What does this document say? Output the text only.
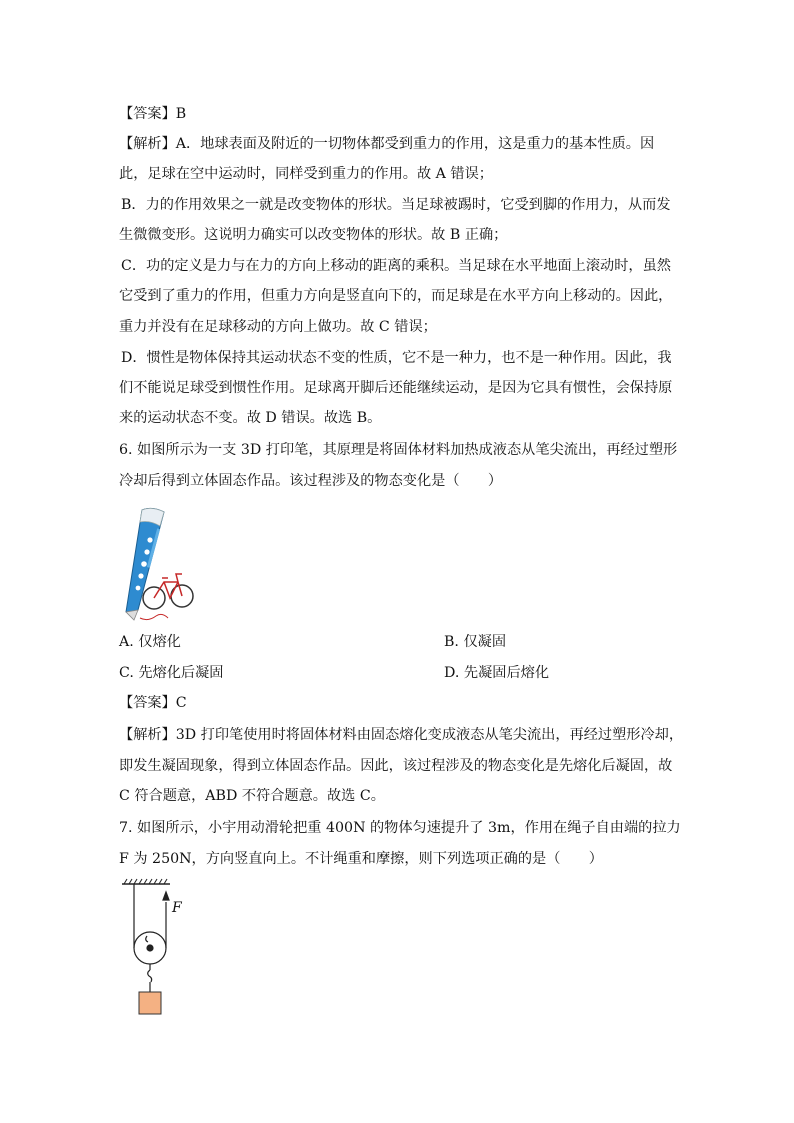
【答案】B
【解析】A．地球表面及附近的一切物体都受到重力的作用，这是重力的基本性质。因
此，足球在空中运动时，同样受到重力的作用。故 A 错误；
B．力的作用效果之一就是改变物体的形状。当足球被踢时，它受到脚的作用力，从而发
生微微变形。这说明力确实可以改变物体的形状。故 B 正确；
C．功的定义是力与在力的方向上移动的距离的乘积。当足球在水平地面上滚动时，虽然
它受到了重力的作用，但重力方向是竖直向下的，而足球是在水平方向上移动的。因此，
重力并没有在足球移动的方向上做功。故 C 错误；
D．惯性是物体保持其运动状态不变的性质，它不是一种力，也不是一种作用。因此，我
们不能说足球受到惯性作用。足球离开脚后还能继续运动，是因为它具有惯性，会保持原
来的运动状态不变。故 D 错误。故选 B。
6. 如图所示为一支 3D 打印笔，其原理是将固体材料加热成液态从笔尖流出，再经过塑形
冷却后得到立体固态作品。该过程涉及的物态变化是（　　）
A. 仅熔化	B. 仅凝固
C. 先熔化后凝固	D. 先凝固后熔化
【答案】C
【解析】3D 打印笔使用时将固体材料由固态熔化变成液态从笔尖流出，再经过塑形冷却，
即发生凝固现象，得到立体固态作品。因此，该过程涉及的物态变化是先熔化后凝固，故
C 符合题意，ABD 不符合题意。故选 C。
7. 如图所示，小宇用动滑轮把重 400N 的物体匀速提升了 3m，作用在绳子自由端的拉力
F 为 250N，方向竖直向上。不计绳重和摩擦，则下列选项正确的是（　　）
F
